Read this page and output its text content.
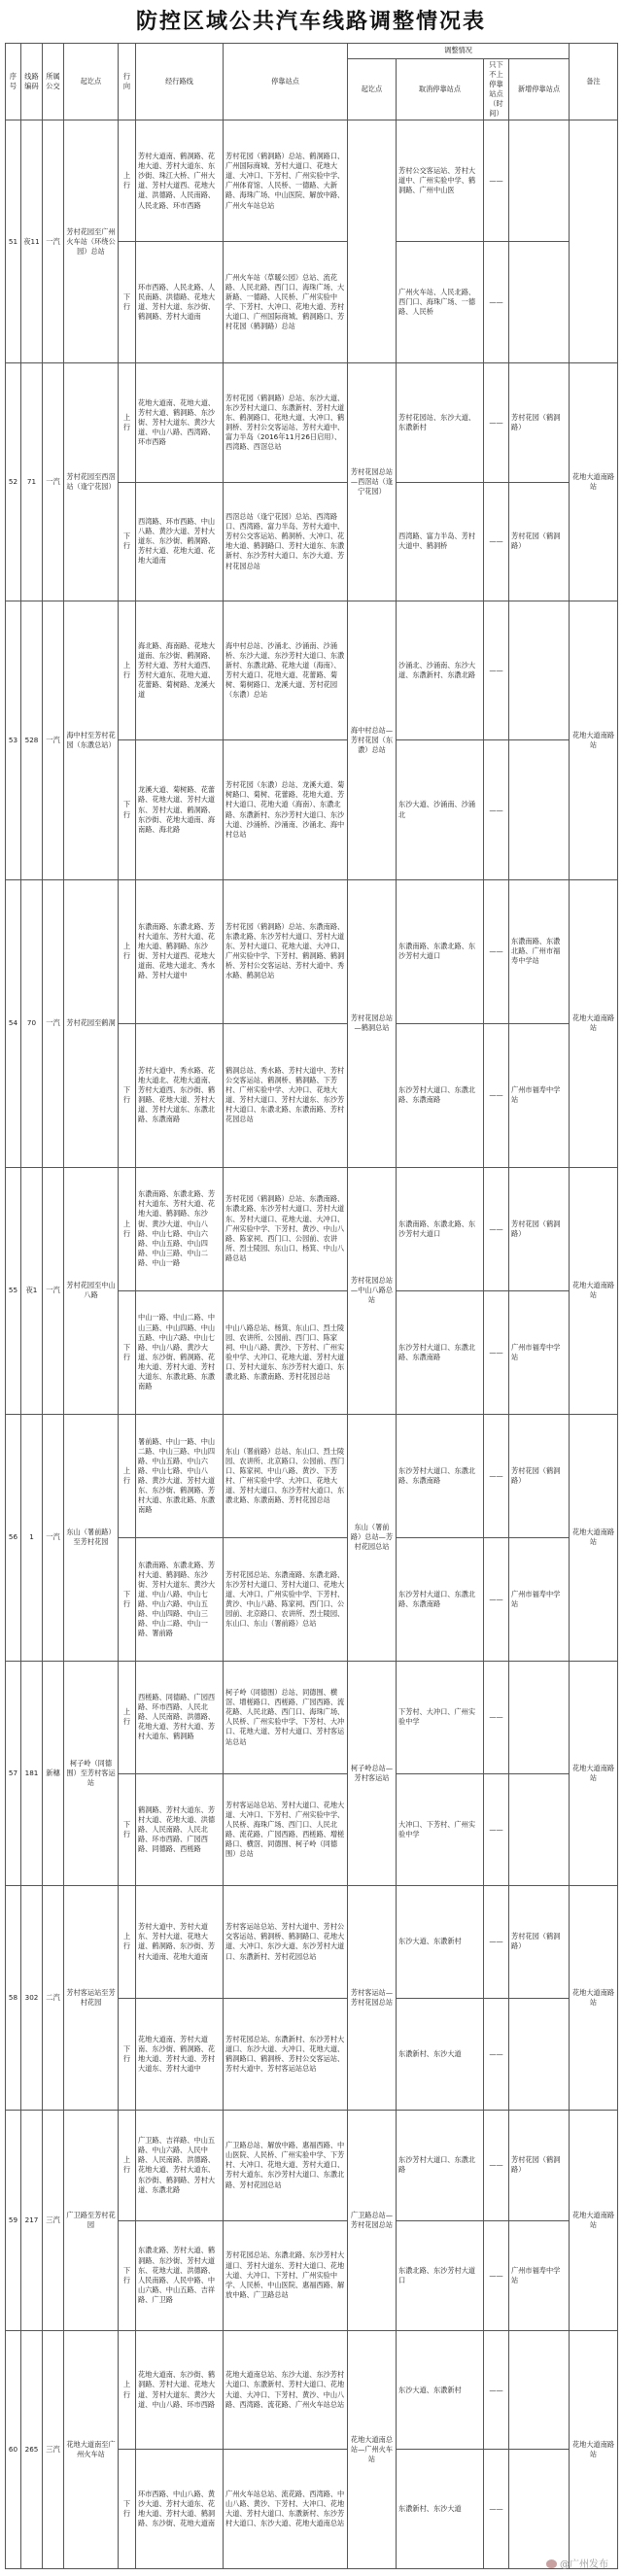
防控区域公共汽车线路调整情况表
序号	线路编码	所属公交	起讫点	行向	经行路线	停靠站点	调整情况				备注
							起讫点	取消停靠站点	只下不上停靠站点（时间）	新增停靠站点	
51	夜11	一汽	芳村花园至广州火车站（环绕公园）总站	上行	芳村大道南、鹤洞路、花地大道、芳村大道东、东沙街、珠江大桥、广州大道、芳村大道西、花地大道、洪德路、人民南路、人民北路、环市西路	芳村花园（鹤洞路）总站、鹤洞路口、广州国际商城、芳村大道口、花地大道、大冲口、下芳村、广州实验中学、广州体育馆、人民桥、一德路、大新路、海珠广场、中山医院、解放中路、广州火车站总站		芳村公交客运站、芳村大道中、广州实验中学、鹤洞路、广州中山医	——		
				下行	环市西路、人民北路、人民南路、洪德路、花地大道、芳村大道、东沙街、鹤洞路、芳村大道南	广州火车站（草暖公园）总站、流花路、人民北路、西门口、海珠广场、大新路、一德路、人民桥、广州实验中学、下芳村、大冲口、花地大道、芳村大道口、广州国际商城、鹤洞路口、芳村花园（鹤洞路）总站		广州火车站、人民北路、西门口、海珠广场、一德路、人民桥	——		
52	71	一汽	芳村花园至西滘站（逢宁花园）	上行	花地大道南、花地大道、芳村大道、鹤洞路、东沙街、芳村大道东、黄沙大道、中山八路、西湾路、环市西路	芳村花园（鹤洞路）总站、东沙大道、东沙芳村大道口、东漖新村、芳村大道东、鹤洞路口、花地大道、大冲口、鹤洞桥、芳村公交客运站、芳村大道中、富力半岛（2016年11月26日启用）、西湾路、西滘总站	芳村花园总站—西滘站（逢宁花园）	芳村花园站、东沙大道、东漖新村	——	芳村花园（鹤洞路）	花地大道南路站
				下行	西湾路、环市西路、中山八路、黄沙大道、芳村大道东、东沙街、鹤洞路、芳村大道、花地大道、花地大道南	西滘总站（逢宁花园）总站、西湾路口、西湾路、富力半岛、芳村大道中、芳村公交客运站、鹤洞桥、大冲口、花地大道、鹤洞路口、芳村大道东、东漖新村、东沙芳村大道口、东沙大道、芳村花园总站		西湾路、富力半岛、芳村大道中、鹤洞桥	——	芳村花园（鹤洞路）	
53	528	一汽	海中村至芳村花园（东漖总站）	上行	海北路、海南路、花地大道南、东沙街、鹤洞路、芳村大道、芳村大道西、芳村大道东、花地大道、花蕾路、菊树路、龙溪大道	海中村总站、沙涌北、沙涌南、沙涌桥、东沙大道、东沙芳村大道口、东漖新村、东漖北路、花地大道（海南）、芳村大道口、花地大道、花蕾路、菊树、菊树路口、龙溪大道、芳村花园（东漖）总站	海中村总站—芳村花园（东漖）总站	沙涌北、沙涌南、东沙大道、东漖新村、东漖北路	——		花地大道南路站
				下行	龙溪大道、菊树路、花蕾路、花地大道、芳村大道东、芳村大道、鹤洞路、东沙街、花地大道南、海南路、海北路	芳村花园（东漖）总站、龙溪大道、菊树路口、菊树、花蕾路、花地大道、芳村大道口、花地大道（海南）、东漖北路、东漖新村、东沙芳村大道口、东沙大道、沙涌桥、沙涌南、沙涌北、海中村总站		东沙大道、沙涌南、沙涌北	——		
54	70	一汽	芳村花园至鹤洞	上行	东漖南路、东漖北路、芳村大道东、芳村大道、花地大道、鹤洞路、东沙街、芳村大道西、花地大道南、花地大道北、秀水路、芳村大道中	芳村花园（鹤洞路）总站、东漖南路、东漖北路、东沙芳村大道口、芳村大道东、芳村大道口、花地大道、大冲口、广州实验中学、下芳村、鹤洞路、鹤洞桥、芳村公交客运站、芳村大道中、秀水路、鹤洞总站	芳村花园总站—鹤洞总站	东漖南路、东漖北路、东沙芳村大道口	——	东漖南路、东漖北路、广州市福寿中学站	花地大道南路站
				下行	芳村大道中、秀水路、花地大道北、花地大道南、芳村大道西、东沙街、鹤洞路、花地大道、芳村大道、芳村大道东、东漖北路、东漖南路	鹤洞总站、秀水路、芳村大道中、芳村公交客运站、鹤洞桥、鹤洞路、下芳村、广州实验中学、大冲口、花地大道、芳村大道口、芳村大道东、东沙芳村大道口、东漖北路、东漖南路、芳村花园总站		东沙芳村大道口、东漖北路、东漖南路	——	广州市福寿中学站	
55	夜1	一汽	芳村花园至中山八路	上行	东漖南路、东漖北路、芳村大道东、芳村大道、花地大道、鹤洞路、东沙街、黄沙大道、中山八路、中山七路、中山六路、中山五路、中山四路、中山三路、中山二路、中山一路	芳村花园（鹤洞路）总站、东漖南路、东漖北路、东沙芳村大道口、芳村大道东、芳村大道口、花地大道、大冲口、广州实验中学、下芳村、黄沙、中山八路、陈家祠、西门口、公园前、农讲所、烈士陵园、东山口、杨箕、中山八路总站	芳村花园总站—中山八路总站	东漖南路、东漖北路、东沙芳村大道口	——	芳村花园（鹤洞路）	花地大道南路站
				下行	中山一路、中山二路、中山三路、中山四路、中山五路、中山六路、中山七路、中山八路、黄沙大道、东沙街、鹤洞路、花地大道、芳村大道、芳村大道东、东漖北路、东漖南路	中山八路总站、杨箕、东山口、烈士陵园、农讲所、公园前、西门口、陈家祠、中山八路、黄沙、下芳村、广州实验中学、大冲口、花地大道、芳村大道口、芳村大道东、东沙芳村大道口、东漖北路、东漖南路、芳村花园总站		东沙芳村大道口、东漖北路、东漖南路	——	广州市福寿中学站	
56	1	一汽	东山（署前路）至芳村花园	上行	署前路、中山一路、中山二路、中山三路、中山四路、中山五路、中山六路、中山七路、中山八路、黄沙大道、芳村大道东、东沙街、鹤洞路、芳村大道、东漖北路、东漖南路	东山（署前路）总站、东山口、烈士陵园、农讲所、北京路口、公园前、西门口、陈家祠、中山八路、黄沙、下芳村、广州实验中学、大冲口、花地大道、芳村大道口、东沙芳村大道口、东漖北路、东漖南路、芳村花园总站	东山（署前路）总站—芳村花园总站	东沙芳村大道口、东漖北路、东漖南路	——	芳村花园（鹤洞路）	花地大道南路站
				下行	东漖南路、东漖北路、芳村大道、鹤洞路、东沙街、芳村大道东、黄沙大道、中山八路、中山七路、中山六路、中山五路、中山四路、中山三路、中山二路、中山一路、署前路	芳村花园总站、东漖南路、东漖北路、东沙芳村大道口、芳村大道口、花地大道、大冲口、广州实验中学、下芳村、黄沙、中山八路、陈家祠、西门口、公园前、北京路口、农讲所、烈士陵园、东山口、东山（署前路）总站		东沙芳村大道口、东漖北路、东漖南路	——	广州市福寿中学站	
57	181	新穗	柯子岭（同德围）至芳村客运站	上行	西槎路、同德路、广园西路、环市西路、人民北路、人民南路、洪德路、花地大道、芳村大道、芳村大道东、鹤洞路	柯子岭（同德围）总站、同德围、横滘、增槎路口、西槎路、广园西路、流花路、人民北路、西门口、海珠广场、人民桥、广州实验中学、下芳村、大冲口、花地大道、芳村大道口、芳村客运站总站	柯子岭总站—芳村客运站	下芳村、大冲口、广州实验中学	——		花地大道南路站
				下行	鹤洞路、芳村大道东、芳村大道、花地大道、洪德路、人民南路、人民北路、环市西路、广园西路、同德路、西槎路	芳村客运站总站、芳村大道口、花地大道、大冲口、下芳村、广州实验中学、人民桥、海珠广场、西门口、人民北路、流花路、广园西路、西槎路、增槎路口、横滘、同德围、柯子岭（同德围）总站		大冲口、下芳村、广州实验中学	——		
58	302	二汽	芳村客运站至芳村花园	上行	芳村大道中、芳村大道东、芳村大道、花地大道、鹤洞路、东沙街、芳村大道南、花地大道南	芳村客运站总站、芳村大道中、芳村公交客运站、鹤洞桥、鹤洞路口、花地大道、大冲口、东沙大道、东沙芳村大道口、东漖新村、芳村花园总站	芳村客运站—芳村花园总站	东沙大道、东漖新村	——	芳村花园（鹤洞路）	花地大道南路站
				下行	花地大道南、芳村大道南、东沙街、鹤洞路、花地大道、芳村大道、芳村大道东、芳村大道中	芳村花园总站、东漖新村、东沙芳村大道口、东沙大道、大冲口、花地大道、鹤洞路口、鹤洞桥、芳村公交客运站、芳村大道中、芳村客运站总站		东漖新村、东沙大道	——		
59	217	三汽	广卫路至芳村花园	上行	广卫路、吉祥路、中山五路、中山六路、人民中路、人民南路、洪德路、花地大道、芳村大道东、东沙街、鹤洞路、芳村大道、东漖北路	广卫路总站、解放中路、惠福西路、中山医院、人民桥、广州实验中学、下芳村、大冲口、花地大道、芳村大道口、芳村大道东、东沙芳村大道口、东漖北路、芳村花园总站	广卫路总站—芳村花园总站	东沙芳村大道口、东漖北路	——	芳村花园（鹤洞路）	花地大道南路站
				下行	东漖北路、芳村大道、鹤洞路、东沙街、芳村大道东、花地大道、洪德路、人民南路、人民中路、中山六路、中山五路、吉祥路、广卫路	芳村花园总站、东漖北路、东沙芳村大道口、芳村大道东、芳村大道口、花地大道、大冲口、下芳村、广州实验中学、人民桥、中山医院、惠福西路、解放中路、广卫路总站		东漖北路、东沙芳村大道口	——	广州市福寿中学站	
60	265	三汽	花地大道南至广州火车站	上行	花地大道南、东沙街、鹤洞路、芳村大道、花地大道、芳村大道东、黄沙大道、中山八路、环市西路	花地大道南总站、东沙大道、东沙芳村大道口、东漖新村、芳村大道口、花地大道、大冲口、下芳村、黄沙、中山八路、西湾路、流花路、广州火车站总站	花地大道南总站—广州火车站	东沙大道、东漖新村	——		花地大道南路站
				下行	环市西路、中山八路、黄沙大道、芳村大道东、花地大道、芳村大道、鹤洞路、东沙街、花地大道南	广州火车站总站、流花路、西湾路、中山八路、黄沙、下芳村、大冲口、花地大道、芳村大道口、东漖新村、东沙芳村大道口、东沙大道、花地大道南总站		东漖新村、东沙大道	——		
@广州发布
